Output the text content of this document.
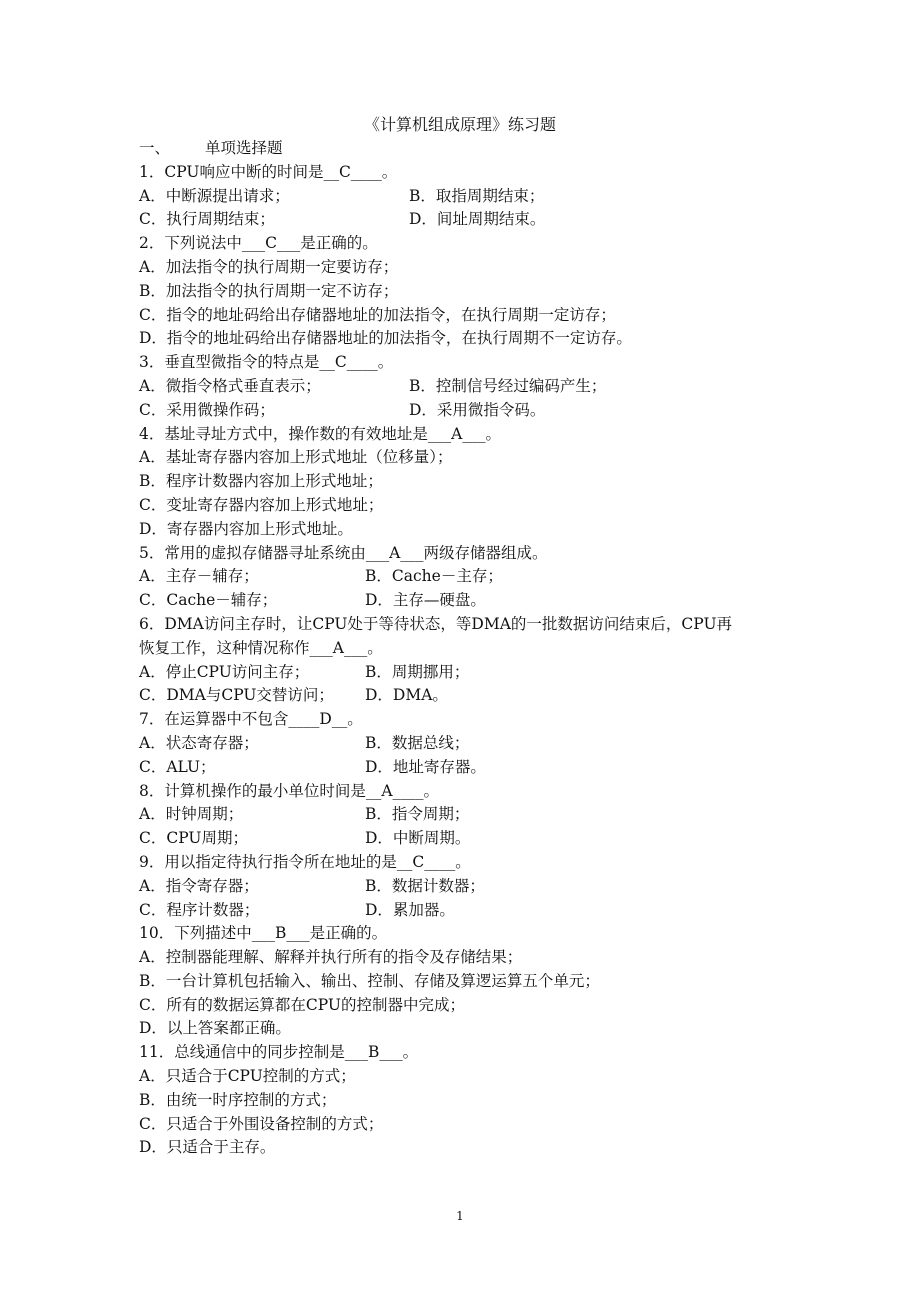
《计算机组成原理》练习题
一、 单项选择题
1．CPU响应中断的时间是__C____。
A．中断源提出请求；	B．取指周期结束；
C．执行周期结束；	D．间址周期结束。
2．下列说法中___C___是正确的。
A．加法指令的执行周期一定要访存；
B．加法指令的执行周期一定不访存；
C．指令的地址码给出存储器地址的加法指令，在执行周期一定访存；
D．指令的地址码给出存储器地址的加法指令，在执行周期不一定访存。
3．垂直型微指令的特点是__C____。
A．微指令格式垂直表示；	B．控制信号经过编码产生；
C．采用微操作码；	D．采用微指令码。
4．基址寻址方式中，操作数的有效地址是___A___。
A．基址寄存器内容加上形式地址（位移量）；
B．程序计数器内容加上形式地址；
C．变址寄存器内容加上形式地址；
D．寄存器内容加上形式地址。
5．常用的虚拟存储器寻址系统由___A___两级存储器组成。
A．主存－辅存；	B．Cache－主存；
C．Cache－辅存；	D．主存—硬盘。
6．DMA访问主存时，让CPU处于等待状态，等DMA的一批数据访问结束后，CPU再
恢复工作，这种情况称作___A___。
A．停止CPU访问主存；	B．周期挪用；
C．DMA与CPU交替访问；	D．DMA。
7．在运算器中不包含____D__。
A．状态寄存器；	B．数据总线；
C．ALU；	D．地址寄存器。
8．计算机操作的最小单位时间是__A____。
A．时钟周期；	B．指令周期；
C．CPU周期；	D．中断周期。
9．用以指定待执行指令所在地址的是__C____。
A．指令寄存器；	B．数据计数器；
C．程序计数器；	D．累加器。
10．下列描述中___B___是正确的。
A．控制器能理解、解释并执行所有的指令及存储结果；
B．一台计算机包括输入、输出、控制、存储及算逻运算五个单元；
C．所有的数据运算都在CPU的控制器中完成；
D．以上答案都正确。
11．总线通信中的同步控制是___B___。
A．只适合于CPU控制的方式；
B．由统一时序控制的方式；
C．只适合于外围设备控制的方式；
D．只适合于主存。
1
